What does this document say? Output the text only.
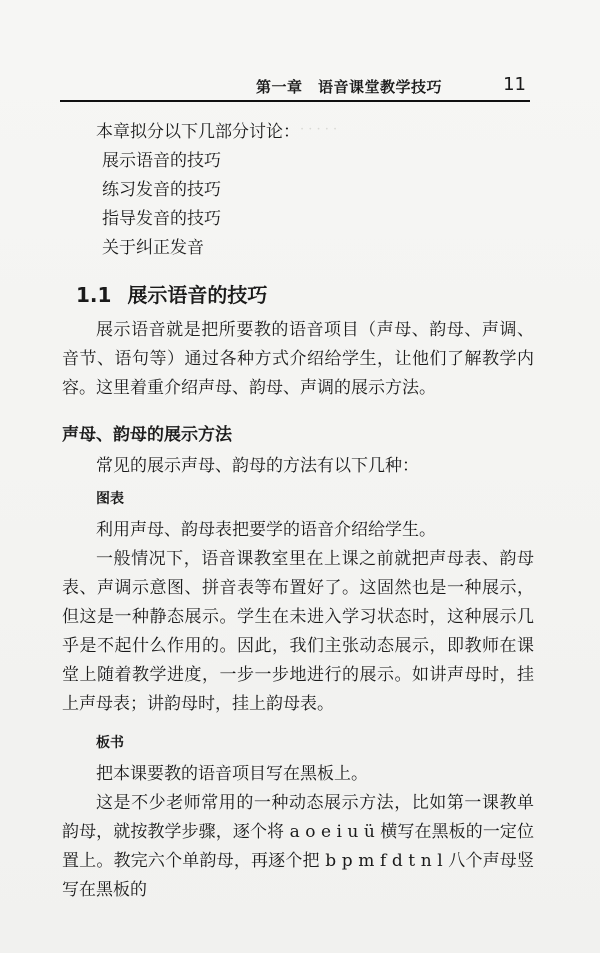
· · · · ·
第一章　语音课堂教学技巧	11

本章拟分以下几部分讨论：

展示语音的技巧
练习发音的技巧
指导发音的技巧
关于纠正发音
1.1 展示语音的技巧

展示语音就是把所要教的语音项目（声母、韵母、声调、音节、语句等）通过各种方式介绍给学生，让他们了解教学内容。这里着重介绍声母、韵母、声调的展示方法。

声母、韵母的展示方法

常见的展示声母、韵母的方法有以下几种：

图表

利用声母、韵母表把要学的语音介绍给学生。

一般情况下，语音课教室里在上课之前就把声母表、韵母表、声调示意图、拼音表等布置好了。这固然也是一种展示，但这是一种静态展示。学生在未进入学习状态时，这种展示几乎是不起什么作用的。因此，我们主张动态展示，即教师在课堂上随着教学进度，一步一步地进行的展示。如讲声母时，挂上声母表；讲韵母时，挂上韵母表。

板书

把本课要教的语音项目写在黑板上。

这是不少老师常用的一种动态展示方法，比如第一课教单韵母，就按教学步骤，逐个将 a o e i u ü 横写在黑板的一定位置上。教完六个单韵母，再逐个把 b p m f d t n l 八个声母竖写在黑板的
